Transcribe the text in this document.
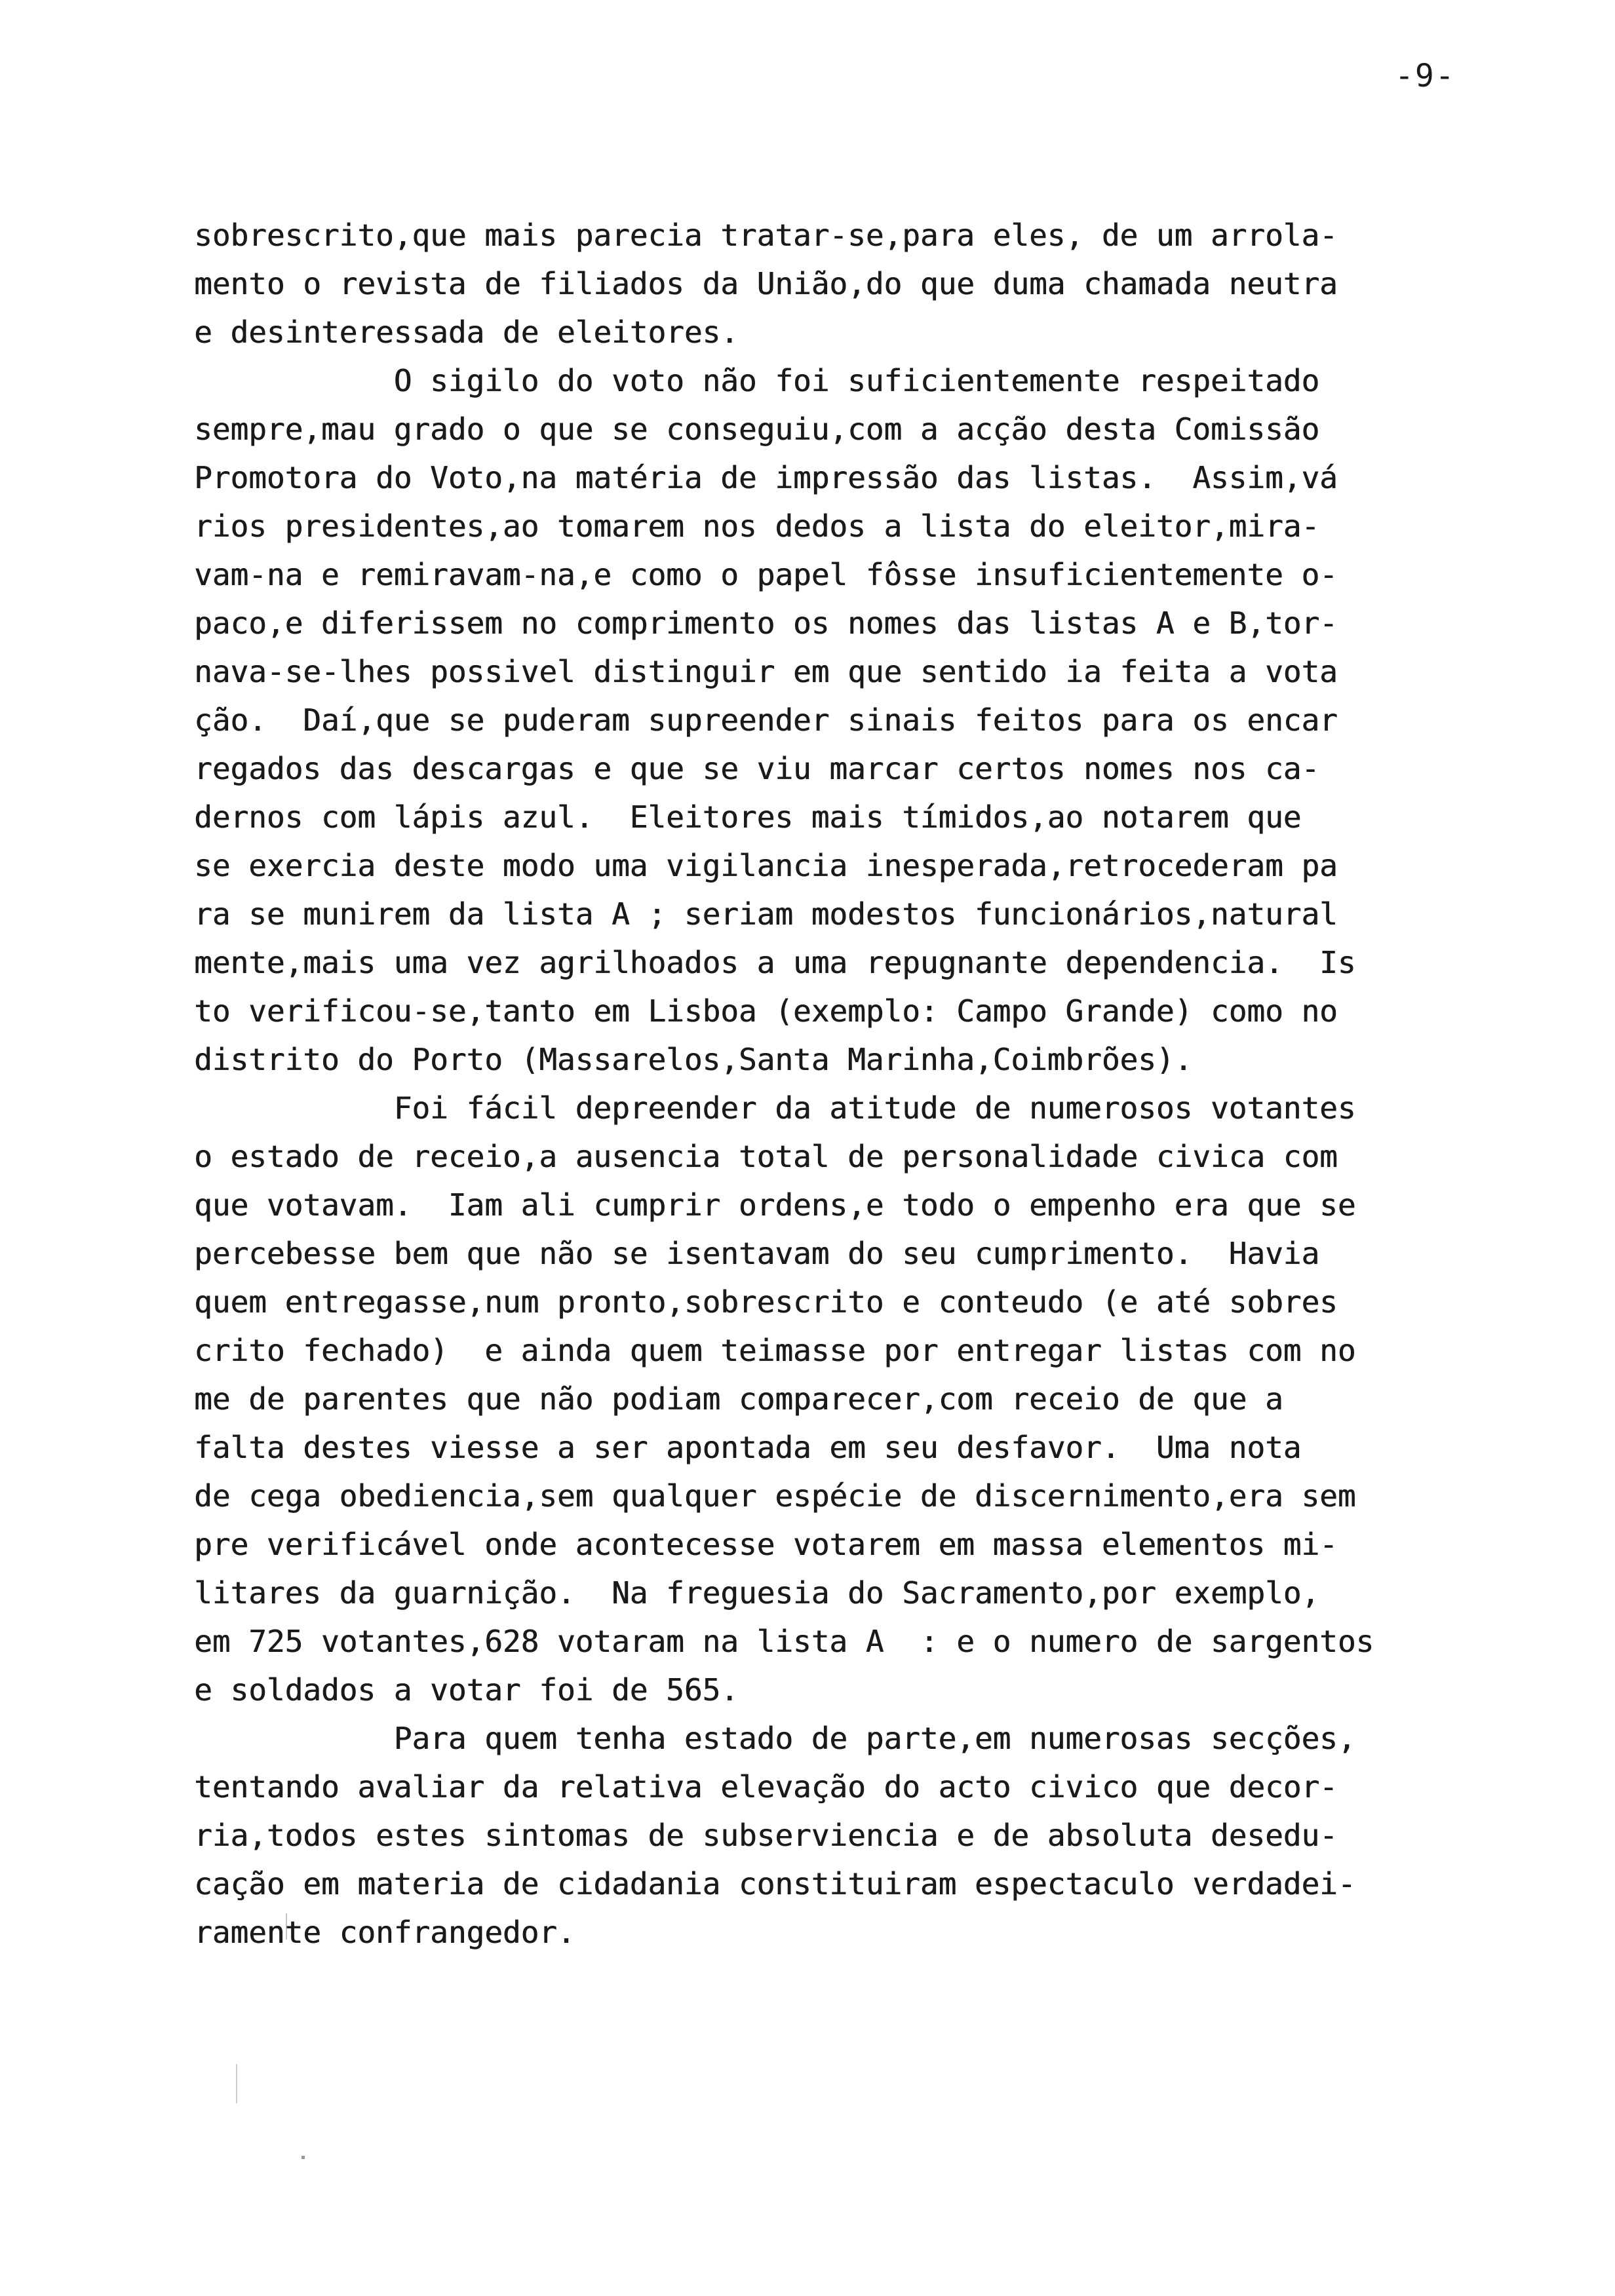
-9-
sobrescrito,que mais parecia tratar-se,para eles, de um arrola-
mento o revista de filiados da União,do que duma chamada neutra
e desinteressada de eleitores.
O sigilo do voto não foi suficientemente respeitado
sempre,mau grado o que se conseguiu,com a acção desta Comissão
Promotora do Voto,na matéria de impressão das listas.  Assim,vá
rios presidentes,ao tomarem nos dedos a lista do eleitor,mira-
vam-na e remiravam-na,e como o papel fôsse insuficientemente o-
paco,e diferissem no comprimento os nomes das listas A e B,tor-
nava-se-lhes possivel distinguir em que sentido ia feita a vota
ção.  Daí,que se puderam supreender sinais feitos para os encar
regados das descargas e que se viu marcar certos nomes nos ca-
dernos com lápis azul.  Eleitores mais tímidos,ao notarem que
se exercia deste modo uma vigilancia inesperada,retrocederam pa
ra se munirem da lista A ; seriam modestos funcionários,natural
mente,mais uma vez agrilhoados a uma repugnante dependencia.  Is
to verificou-se,tanto em Lisboa (exemplo: Campo Grande) como no
distrito do Porto (Massarelos,Santa Marinha,Coimbrões).
Foi fácil depreender da atitude de numerosos votantes
o estado de receio,a ausencia total de personalidade civica com
que votavam.  Iam ali cumprir ordens,e todo o empenho era que se
percebesse bem que não se isentavam do seu cumprimento.  Havia
quem entregasse,num pronto,sobrescrito e conteudo (e até sobres
crito fechado)  e ainda quem teimasse por entregar listas com no
me de parentes que não podiam comparecer,com receio de que a
falta destes viesse a ser apontada em seu desfavor.  Uma nota
de cega obediencia,sem qualquer espécie de discernimento,era sem
pre verificável onde acontecesse votarem em massa elementos mi-
litares da guarnição.  Na freguesia do Sacramento,por exemplo,
em 725 votantes,628 votaram na lista A  : e o numero de sargentos
e soldados a votar foi de 565.
Para quem tenha estado de parte,em numerosas secções,
tentando avaliar da relativa elevação do acto civico que decor-
ria,todos estes sintomas de subserviencia e de absoluta desedu-
cação em materia de cidadania constituiram espectaculo verdadei-
ramente confrangedor.
